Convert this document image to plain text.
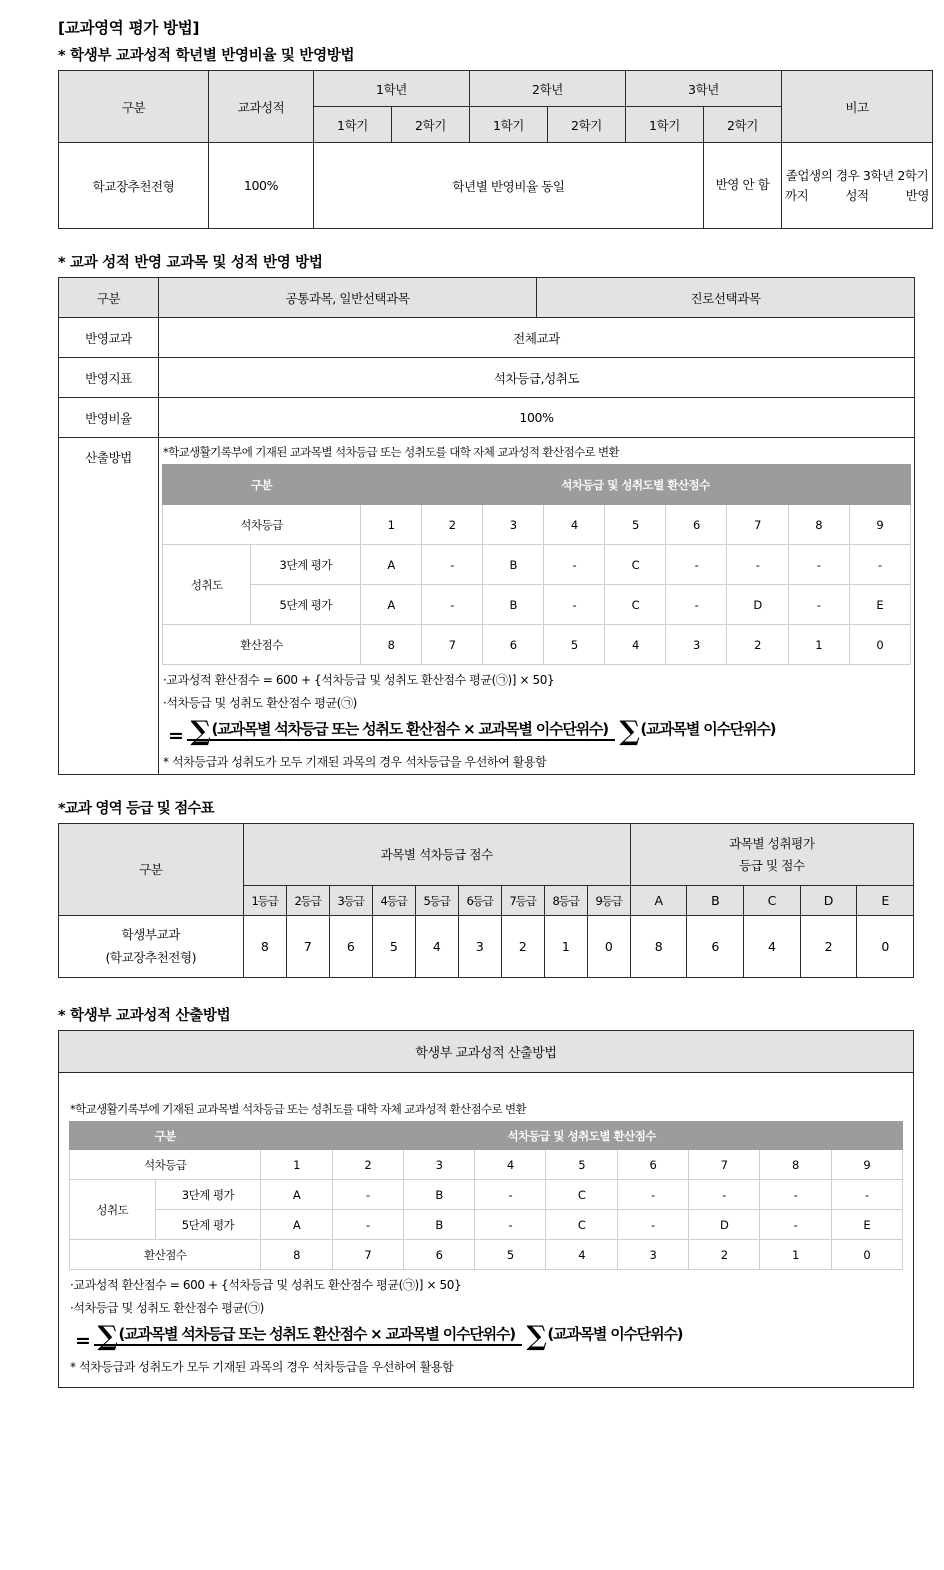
[교과영역 평가 방법]
* 학생부 교과성적 학년별 반영비율 및 반영방법
구분	교과성적	1학년		2학년		3학년		비고
		1학기	2학기	1학기	2학기	1학기	2학기	
학교장추천전형	100%	학년별 반영비율 동일					반영 안 함	졸업생의 경우 3학년 2학기까지 성적 반영
* 교과 성적 반영 교과목 및 성적 반영 방법
구분	공통과목, 일반선택과목	진로선택과목
반영교과	전체교과
반영지표	석차등급,성취도
반영비율	100%
산출방법	*학교생활기록부에 기재된 교과목별 석차등급 또는 성취도를 대학 자체 교과성적 환산점수로 변환
구분	석차등급 및 성취도별 환산점수
석차등급	1	2	3	4	5	6	7	8	9
성취도	3단계 평가	A	-	B	-	C	-	-	-	-
5단계 평가	A	-	B	-	C	-	D	-	E
환산점수	8	7	6	5	4	3	2	1	0
·교과성적 환산점수 = 600 + {석차등급 및 성취도 환산점수 평균(㉠)] × 50}
·석차등급 및 성취도 환산점수 평균(㉠)
= ∑(교과목별 석차등급 또는 성취도 환산점수 × 교과목별 이수단위수) ∑(교과목별 이수단위수)
* 석차등급과 성취도가 모두 기재된 과목의 경우 석차등급을 우선하여 활용함
*교과 영역 등급 및 점수표
구분	과목별 석차등급 점수									과목별 성취평가
등급 및 점수				
	1등급	2등급	3등급	4등급	5등급	6등급	7등급	8등급	9등급	A	B	C	D	E
학생부교과
(학교장추천전형)	8	7	6	5	4	3	2	1	0	8	6	4	2	0
* 학생부 교과성적 산출방법
학생부 교과성적 산출방법

*학교생활기록부에 기재된 교과목별 석차등급 또는 성취도를 대학 자체 교과성적 환산점수로 변환
구분	석차등급 및 성취도별 환산점수
석차등급	1	2	3	4	5	6	7	8	9
성취도	3단계 평가	A	-	B	-	C	-	-	-	-
5단계 평가	A	-	B	-	C	-	D	-	E
환산점수	8	7	6	5	4	3	2	1	0
·교과성적 환산점수 = 600 + {석차등급 및 성취도 환산점수 평균(㉠)] × 50}
·석차등급 및 성취도 환산점수 평균(㉠)
= ∑(교과목별 석차등급 또는 성취도 환산점수 × 교과목별 이수단위수) ∑(교과목별 이수단위수)
* 석차등급과 성취도가 모두 기재된 과목의 경우 석차등급을 우선하여 활용함
